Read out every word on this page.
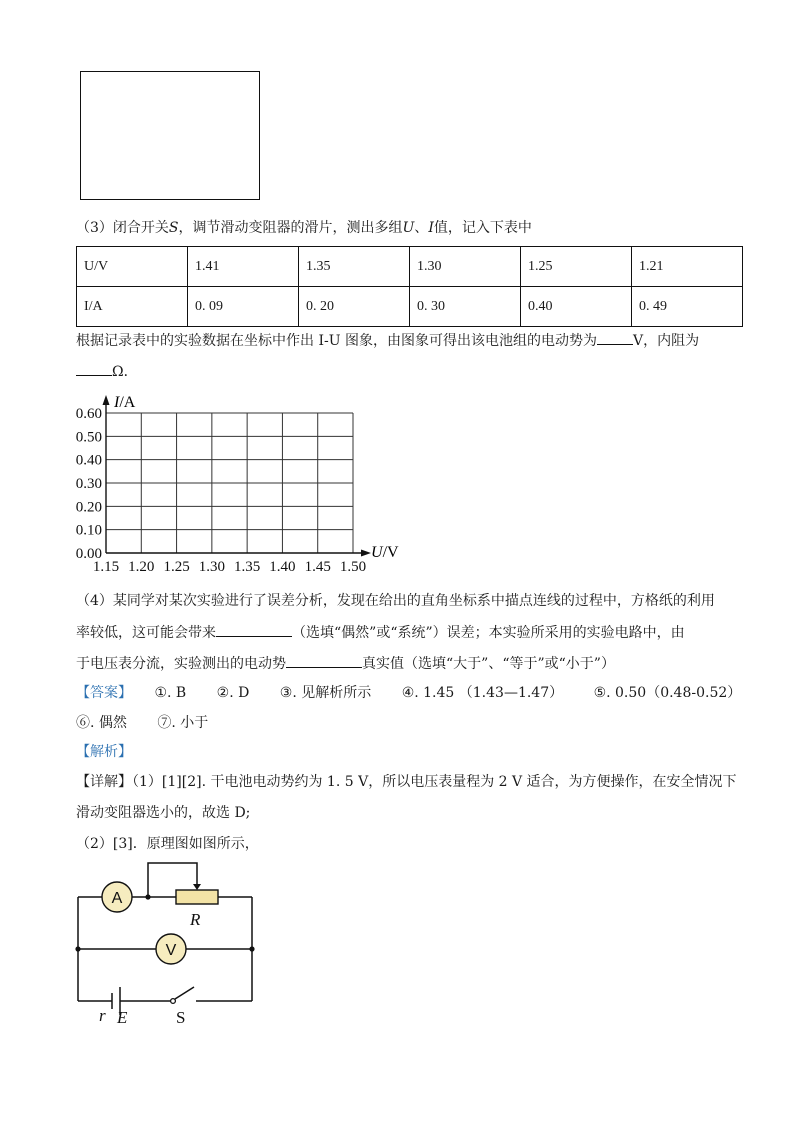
（3）闭合开关S，调节滑动变阻器的滑片，测出多组U、I值，记入下表中
U/V	1.41	1.35	1.30	1.25	1.21
I/A	0. 09	0. 20	0. 30	0.40	0. 49
根据记录表中的实验数据在坐标中作出 I-U 图象，由图象可得出该电池组的电动势为	V，内阻为
Ω．
1.15 1.20 1.25 1.30 1.35 1.40 1.45 1.50
0.00
0.10
0.20
0.30
0.40
0.50
0.60
I/A
U/V
（4）某同学对某次实验进行了误差分析，发现在给出的直角坐标系中描点连线的过程中，方格纸的利用
率较低，这可能会带来	（选填“偶然”或“系统”）误差；本实验所采用的实验电路中，由
于电压表分流，实验测出的电动势	真实值（选填“大于”、“等于”或“小于”）
【答案】 ①. B ②. D ③. 见解析所示 ④. 1.45 （1.43—1.47） ⑤. 0.50（0.48-0.52）
⑥. 偶然 ⑦. 小于
【解析】
【详解】（1）[1][2]. 干电池电动势约为 1. 5 V，所以电压表量程为 2 V 适合，为方便操作，在安全情况下
滑动变阻器选小的，故选 D;
（2）[3]．原理图如图所示，
A
V
R
r E	S
